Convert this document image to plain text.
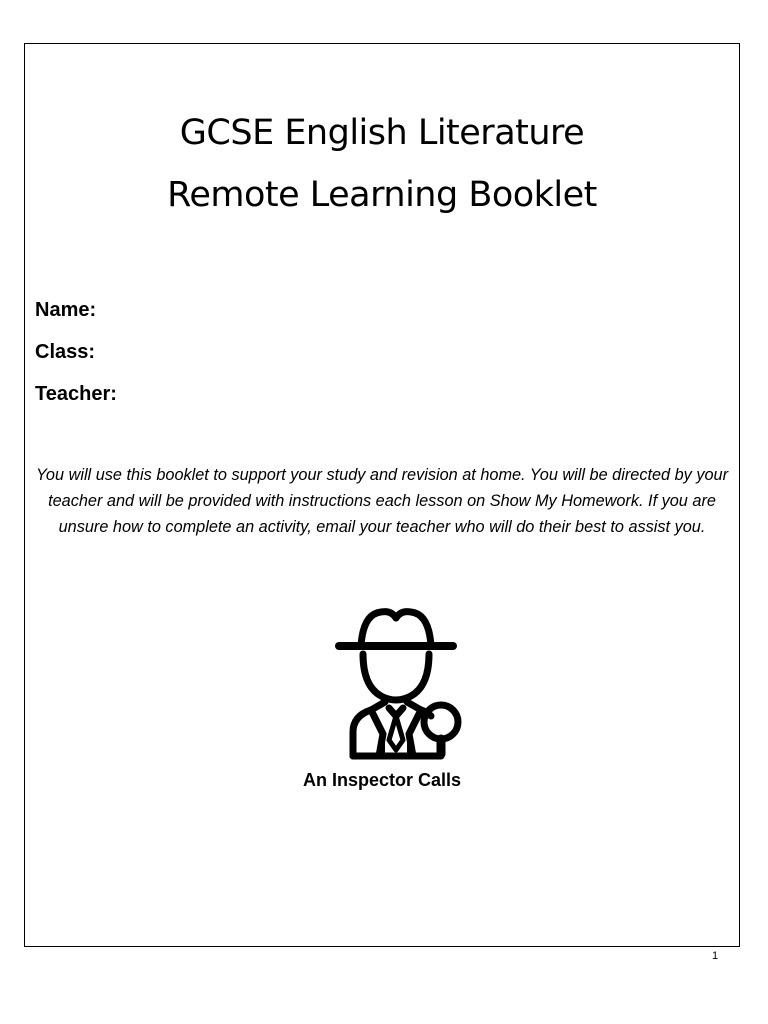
GCSE English Literature
Remote Learning Booklet
Name:
Class:
Teacher:
You will use this booklet to support your study and revision at home. You will be directed by your teacher and will be provided with instructions each lesson on Show My Homework. If you are unsure how to complete an activity, email your teacher who will do their best to assist you.
An Inspector Calls
1
